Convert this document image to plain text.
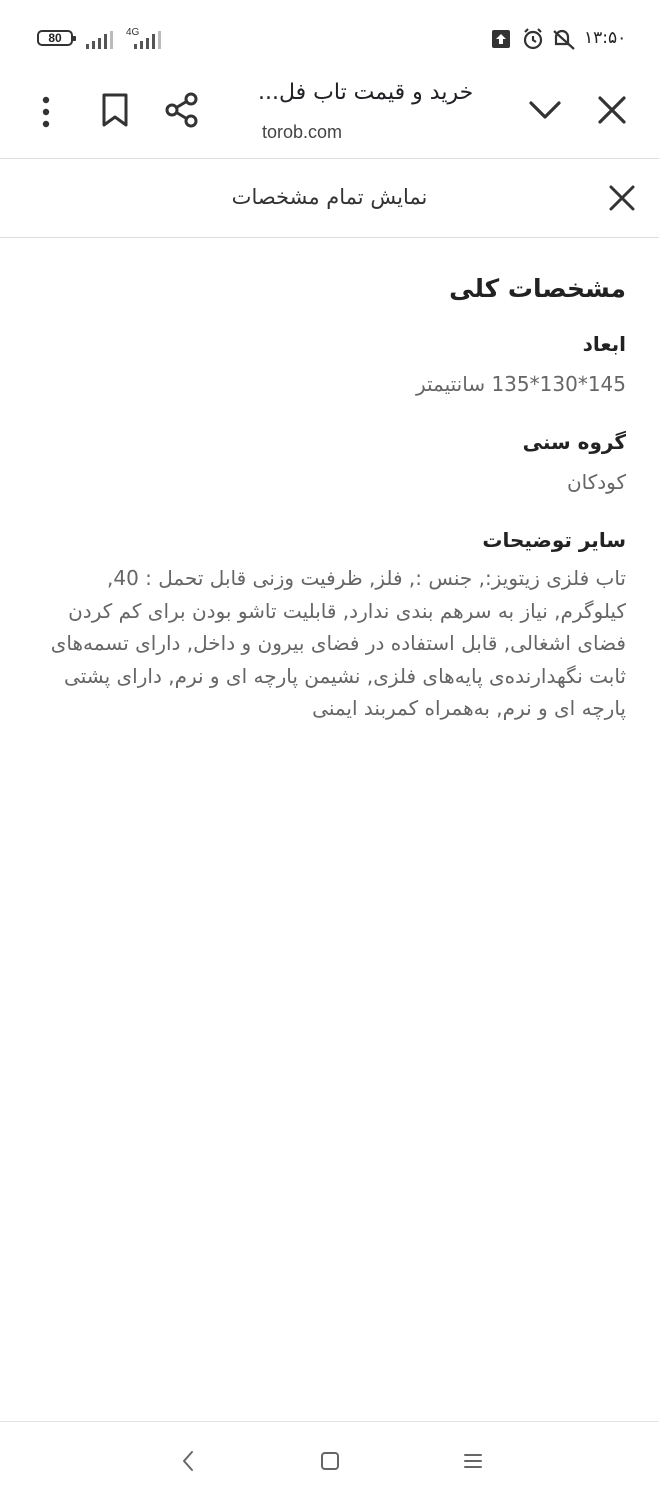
80	4G	۱۳:۵۰
خرید و قیمت تاب فل...
torob.com
نمایش تمام مشخصات
مشخصات کلی
ابعاد
145*130*135 سانتیمتر
گروه سنی
کودکان
سایر توضیحات
تاب فلزی زیتویز:, جنس :, فلز, ظرفیت وزنی قابل تحمل : 40, کیلوگرم, نیاز به سرهم بندی ندارد, قابلیت تاشو بودن برای کم کردن فضای اشغالی, قابل استفاده در فضای بیرون و داخل, دارای تسمه‌های ثابت نگهدارنده‌ی پایه‌های فلزی, نشیمن پارچه ای و نرم, دارای پشتی پارچه ای و نرم, به‌همراه کمربند ایمنی
